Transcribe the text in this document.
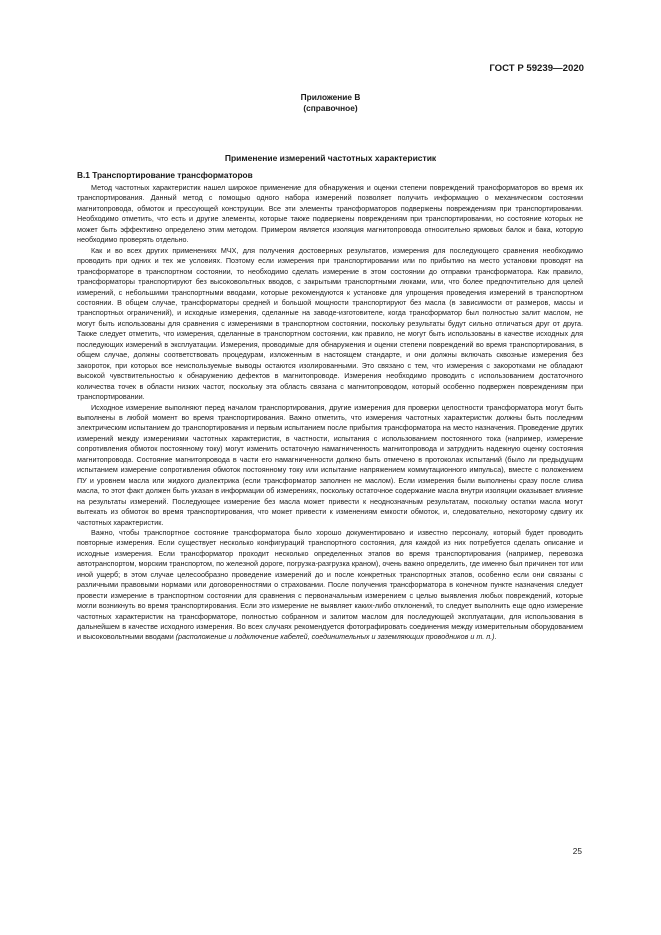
ГОСТ Р 59239—2020
Приложение В
(справочное)
Применение измерений частотных характеристик
В.1 Транспортирование трансформаторов

Метод частотных характеристик нашел широкое применение для обнаружения и оценки степени повреждений трансформаторов во время их транспортирования. Данный метод с помощью одного набора измерений позволяет получить информацию о механическом состоянии магнитопровода, обмоток и прессующей конструкции. Все эти элементы трансформаторов подвержены повреждениям при транспортировании. Необходимо отметить, что есть и другие элементы, которые также подвержены повреждениям при транспортировании, но состояние которых не может быть эффективно определено этим методом. Примером является изоляция магнитопровода относительно ярмовых балок и бака, которую необходимо проверять отдельно.

Как и во всех других применениях МЧХ, для получения достоверных результатов, измерения для последующего сравнения необходимо проводить при одних и тех же условиях. Поэтому если измерения при транспортировании или по прибытию на место установки проводят на трансформаторе в транспортном состоянии, то необходимо сделать измерение в этом состоянии до отправки трансформатора. Как правило, трансформаторы транспортируют без высоковольтных вводов, с закрытыми транспортными люками, или, что более предпочтительно для целей измерений, с небольшими транспортными вводами, которые рекомендуются к установке для упрощения проведения измерений в транспортном состоянии. В общем случае, трансформаторы средней и большой мощности транспортируют без масла (в зависимости от размеров, массы и транспортных ограничений), и исходные измерения, сделанные на заводе-изготовителе, когда трансформатор был полностью залит маслом, не могут быть использованы для сравнения с измерениями в транспортном состоянии, поскольку результаты будут сильно отличаться друг от друга. Также следует отметить, что измерения, сделанные в транспортном состоянии, как правило, не могут быть использованы в качестве исходных для последующих измерений в эксплуатации. Измерения, проводимые для обнаружения и оценки степени повреждений во время транспортирования, в общем случае, должны соответствовать процедурам, изложенным в настоящем стандарте, и они должны включать сквозные измерения без закороток, при которых все неиспользуемые выводы остаются изолированными. Это связано с тем, что измерения с закоротками не обладают высокой чувствительностью к обнаружению дефектов в магнитопроводе. Измерения необходимо проводить с использованием достаточного количества точек в области низких частот, поскольку эта область связана с магнитопроводом, который особенно подвержен повреждениям при транспортировании.

Исходное измерение выполняют перед началом транспортирования, другие измерения для проверки целостности трансформатора могут быть выполнены в любой момент во время транспортирования. Важно отметить, что измерения частотных характеристик должны быть последним электрическим испытанием до транспортирования и первым испытанием после прибытия трансформатора на место назначения. Проведение других измерений между измерениями частотных характеристик, в частности, испытания с использованием постоянного тока (например, измерение сопротивления обмоток постоянному току) могут изменить остаточную намагниченность магнитопровода и затруднить надежную оценку состояния магнитопровода. Состояние магнитопровода в части его намагниченности должно быть отмечено в протоколах испытаний (было ли предыдущим испытанием измерение сопротивления обмоток постоянному току или испытание напряжением коммутационного импульса), вместе с положением ПУ и уровнем масла или жидкого диэлектрика (если трансформатор заполнен не маслом). Если измерения были выполнены сразу после слива масла, то этот факт должен быть указан в информации об измерениях, поскольку остаточное содержание масла внутри изоляции оказывает влияние на результаты измерений. Последующее измерение без масла может привести к неоднозначным результатам, поскольку остатки масла могут вытекать из обмоток во время транспортирования, что может привести к изменениям емкости обмоток, и, следовательно, некоторому сдвигу их частотных характеристик.

Важно, чтобы транспортное состояние трансформатора было хорошо документировано и известно персоналу, который будет проводить повторные измерения. Если существует несколько конфигураций транспортного состояния, для каждой из них потребуется сделать описание и исходные измерения. Если трансформатор проходит несколько определенных этапов во время транспортирования (например, перевозка автотранспортом, морским транспортом, по железной дороге, погрузка-разгрузка краном), очень важно определить, где именно был причинен тот или иной ущерб; в этом случае целесообразно проведение измерений до и после конкретных транспортных этапов, особенно если они связаны с различными правовыми нормами или договоренностями о страховании. После получения трансформатора в конечном пункте назначения следует провести измерение в транспортном состоянии для сравнения с первоначальным измерением с целью выявления любых повреждений, которые могли возникнуть во время транспортирования. Если это измерение не выявляет каких-либо отклонений, то следует выполнить еще одно измерение частотных характеристик на трансформаторе, полностью собранном и залитом маслом для последующей эксплуатации, для использования в дальнейшем в качестве исходного измерения. Во всех случаях рекомендуется фотографировать соединения между измерительным оборудованием и высоковольтными вводами (расположение и подключение кабелей, соединительных и заземляющих проводников и т. п.).

25
